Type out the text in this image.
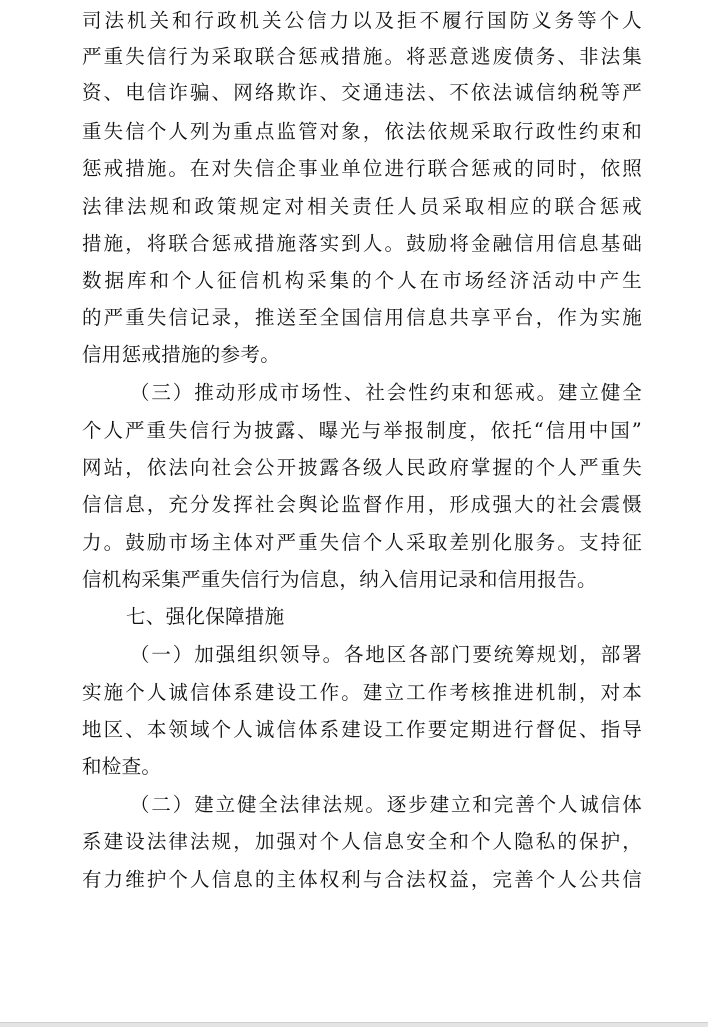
司法机关和行政机关公信力以及拒不履行国防义务等个人
严重失信行为采取联合惩戒措施。将恶意逃废债务、非法集
资、电信诈骗、网络欺诈、交通违法、不依法诚信纳税等严
重失信个人列为重点监管对象，依法依规采取行政性约束和
惩戒措施。在对失信企事业单位进行联合惩戒的同时，依照
法律法规和政策规定对相关责任人员采取相应的联合惩戒
措施，将联合惩戒措施落实到人。鼓励将金融信用信息基础
数据库和个人征信机构采集的个人在市场经济活动中产生
的严重失信记录，推送至全国信用信息共享平台，作为实施
信用惩戒措施的参考。
（三）推动形成市场性、社会性约束和惩戒。建立健全
个人严重失信行为披露、曝光与举报制度，依托“信用中国”
网站，依法向社会公开披露各级人民政府掌握的个人严重失
信信息，充分发挥社会舆论监督作用，形成强大的社会震慑
力。鼓励市场主体对严重失信个人采取差别化服务。支持征
信机构采集严重失信行为信息，纳入信用记录和信用报告。
七、强化保障措施
（一）加强组织领导。各地区各部门要统筹规划，部署
实施个人诚信体系建设工作。建立工作考核推进机制，对本
地区、本领域个人诚信体系建设工作要定期进行督促、指导
和检查。
（二）建立健全法律法规。逐步建立和完善个人诚信体
系建设法律法规，加强对个人信息安全和个人隐私的保护，
有力维护个人信息的主体权利与合法权益，完善个人公共信
